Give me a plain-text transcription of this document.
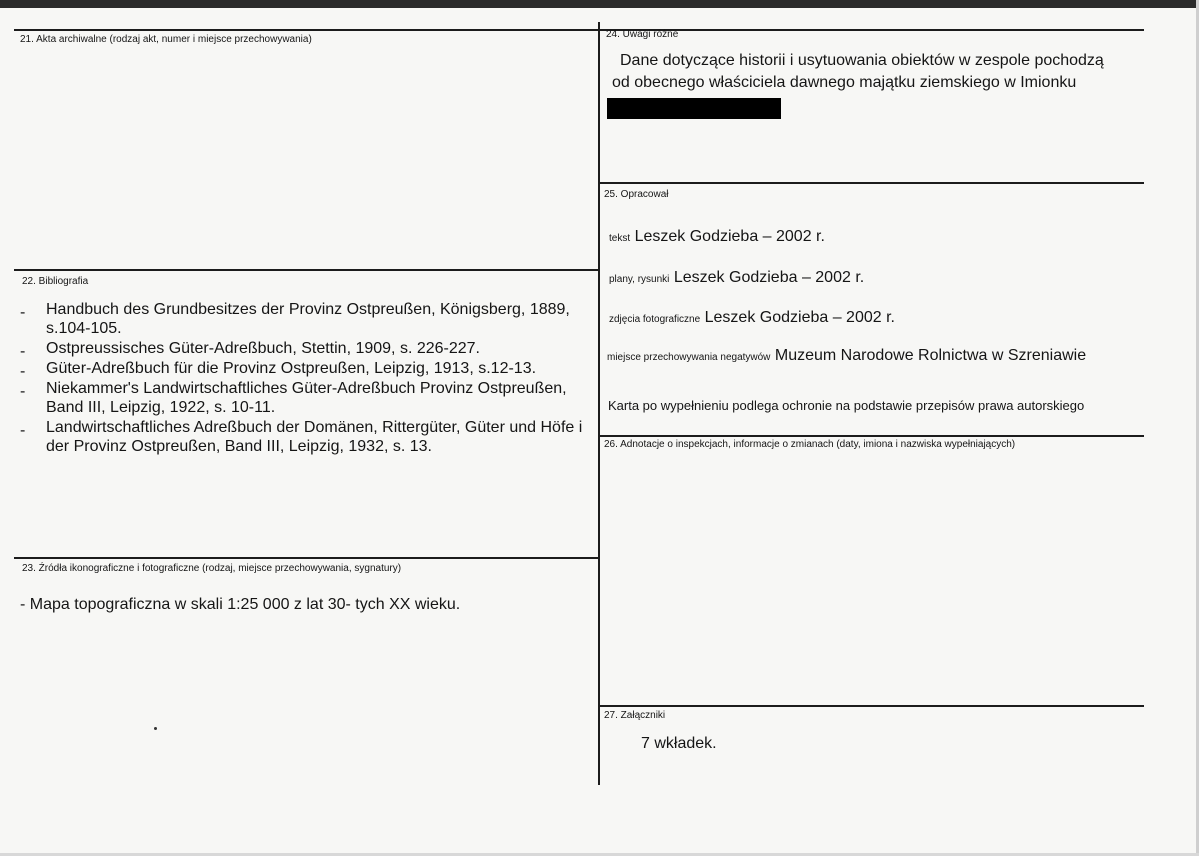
21. Akta archiwalne (rodzaj akt, numer i miejsce przechowywania)
22. Bibliografia
- Handbuch des Grundbesitzes der Provinz Ostpreußen, Königsberg, 1889, s.104-105.
- Ostpreussisches Güter-Adreßbuch, Stettin, 1909, s. 226-227.
- Güter-Adreßbuch für die Provinz Ostpreußen, Leipzig, 1913, s.12-13.
- Niekammer's Landwirtschaftliches Güter-Adreßbuch Provinz Ostpreußen, Band III, Leipzig, 1922, s. 10-11.
- Landwirtschaftliches Adreßbuch der Domänen, Rittergüter, Güter und Höfe i der Provinz Ostpreußen, Band III, Leipzig, 1932, s. 13.
23. Źródła ikonograficzne i fotograficzne (rodzaj, miejsce przechowywania, sygnatury)
- Mapa topograficzna w skali 1:25 000 z lat 30- tych XX wieku.
24. Uwagi różne
Dane dotyczące historii i usytuowania obiektów w zespole pochodzą
od obecnego właściciela dawnego majątku ziemskiego w Imionku
25. Opracował
tekst Leszek Godzieba – 2002 r.
plany, rysunki Leszek Godzieba – 2002 r.
zdjęcia fotograficzne Leszek Godzieba – 2002 r.
miejsce przechowywania negatywów Muzeum Narodowe Rolnictwa w Szreniawie
Karta po wypełnieniu podlega ochronie na podstawie przepisów prawa autorskiego
26. Adnotacje o inspekcjach, informacje o zmianach (daty, imiona i nazwiska wypełniających)
27. Załączniki
7 wkładek.
